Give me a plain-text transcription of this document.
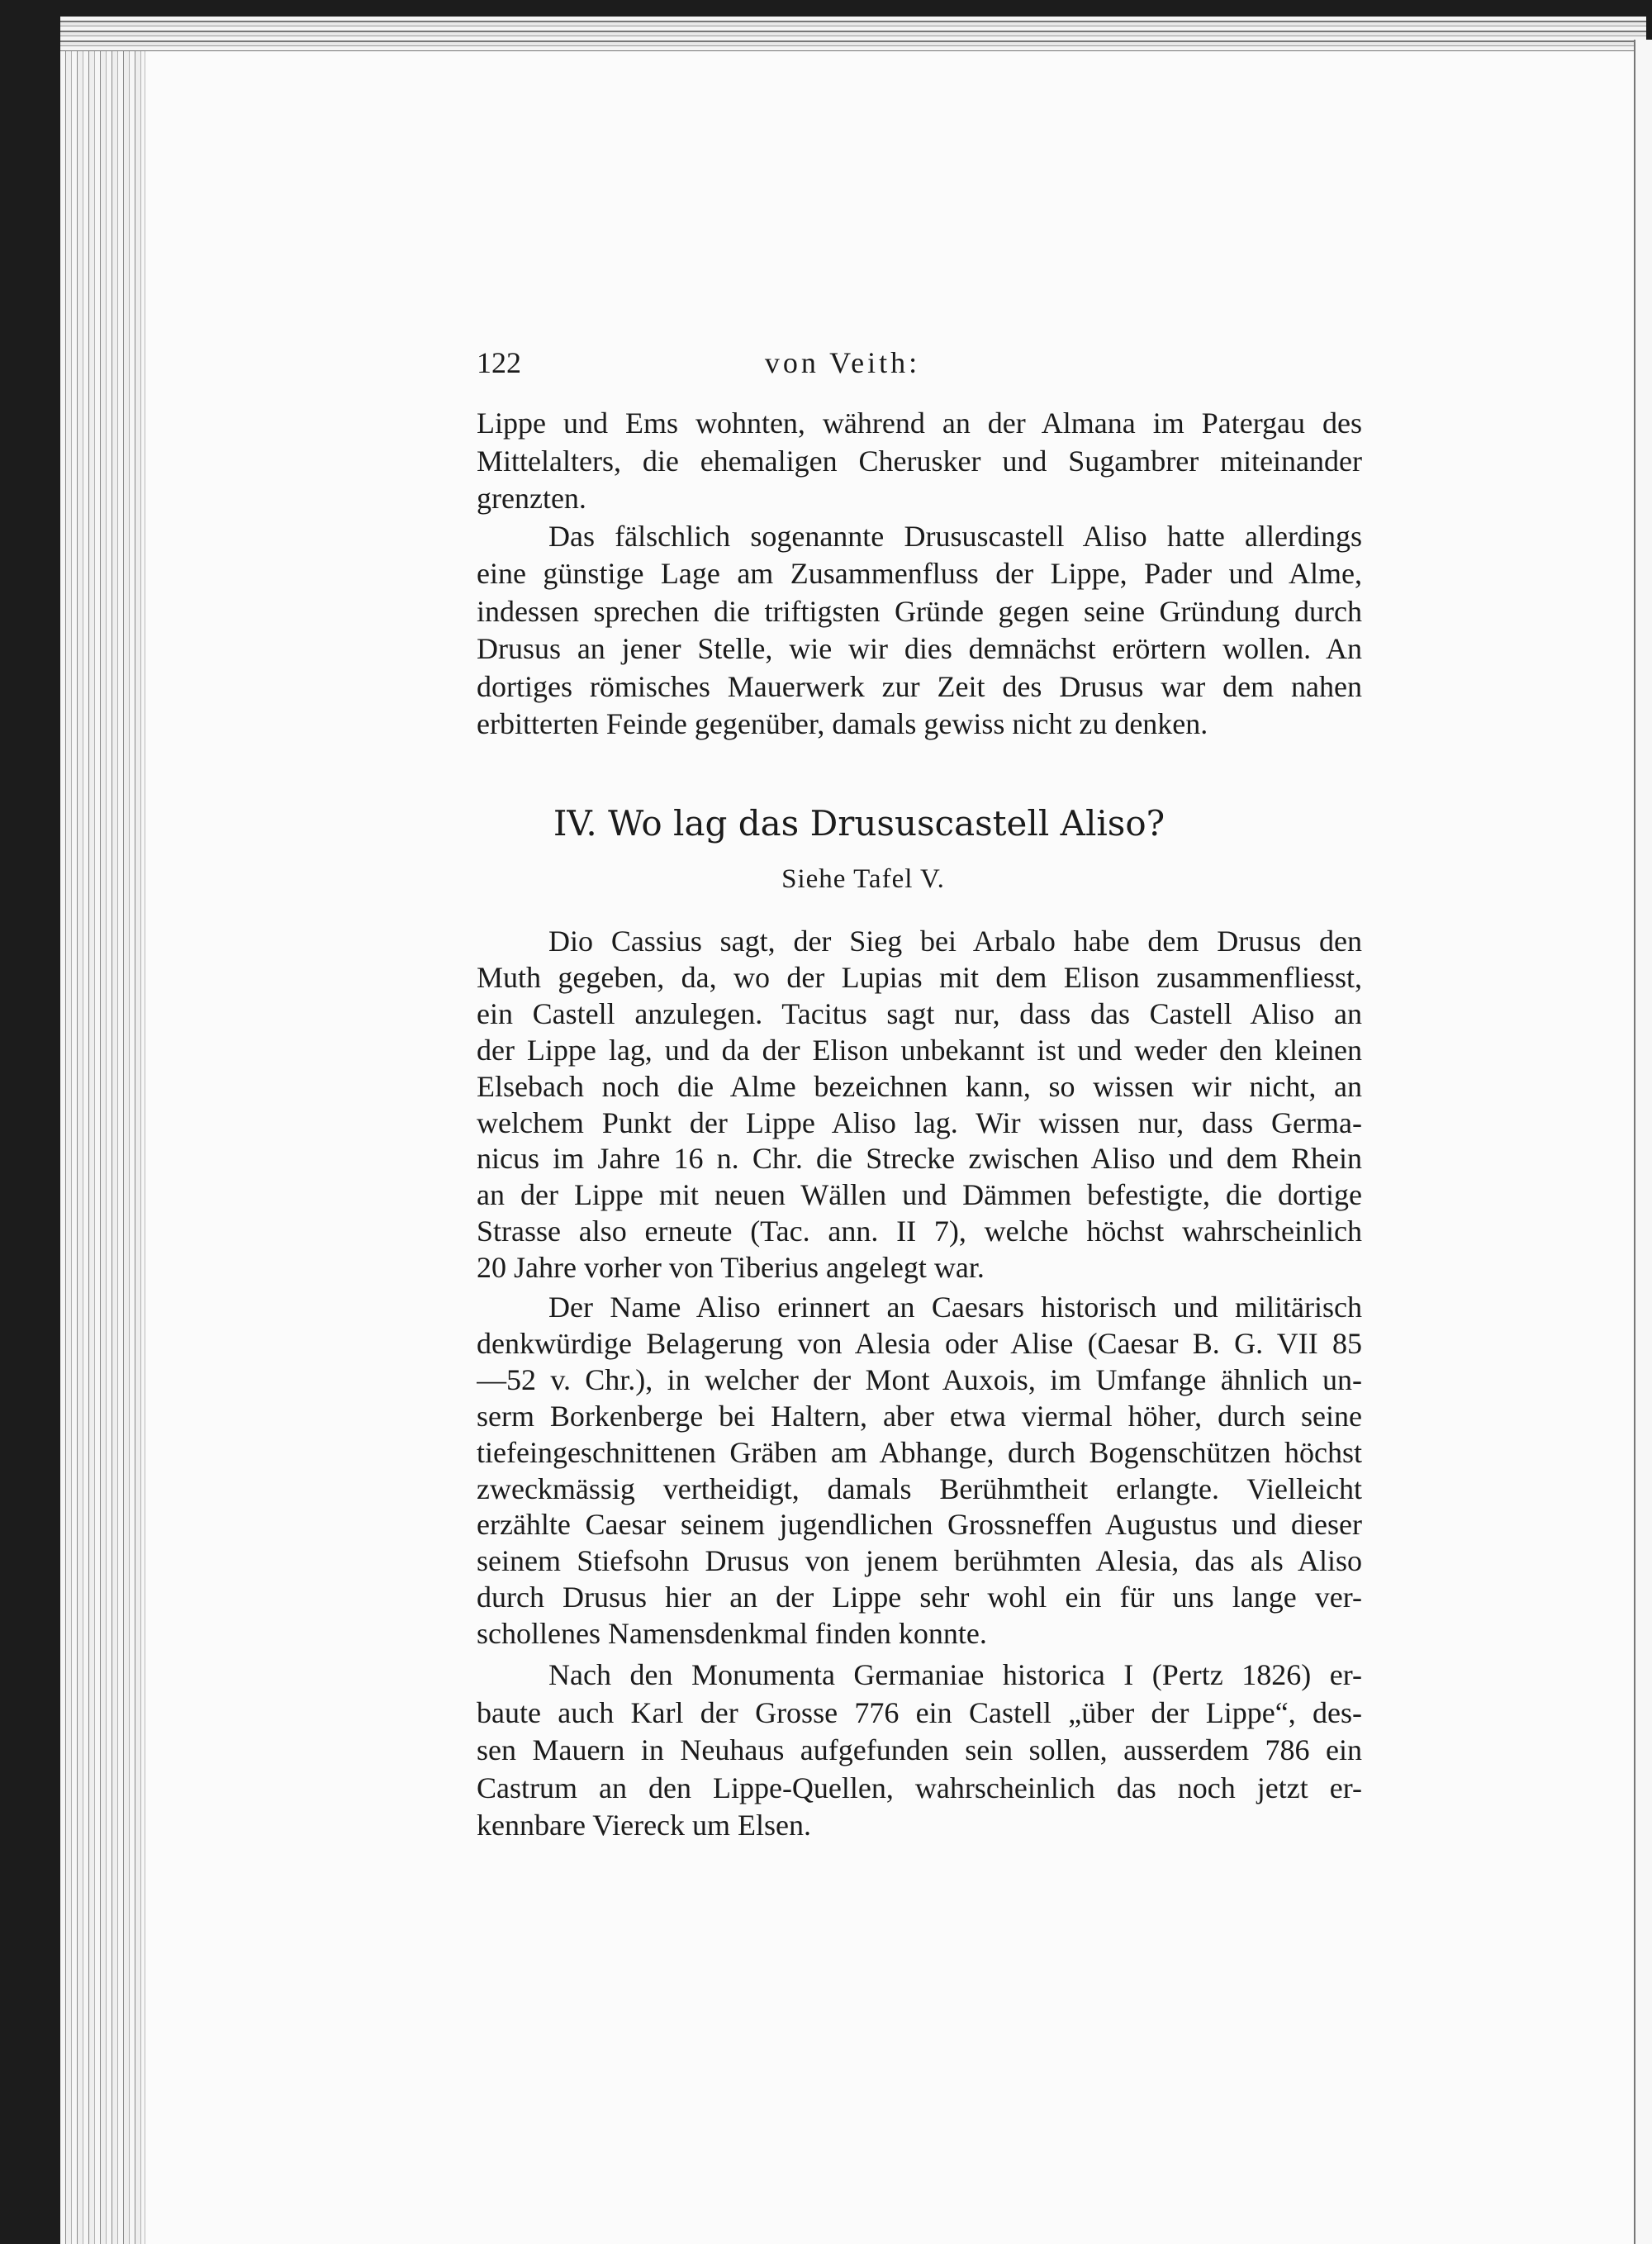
122	von Veith:
Lippe und Ems wohnten, während an der Almana im Patergau des
Mittelalters, die ehemaligen Cherusker und Sugambrer miteinander
grenzten.
Das fälschlich sogenannte Drususcastell Aliso hatte allerdings
eine günstige Lage am Zusammenfluss der Lippe, Pader und Alme,
indessen sprechen die triftigsten Gründe gegen seine Gründung durch
Drusus an jener Stelle, wie wir dies demnächst erörtern wollen. An
dortiges römisches Mauerwerk zur Zeit des Drusus war dem nahen
erbitterten Feinde gegenüber, damals gewiss nicht zu denken.
IV. Wo lag das Drususcastell Aliso?
Siehe Tafel V.
Dio Cassius sagt, der Sieg bei Arbalo habe dem Drusus den
Muth gegeben, da, wo der Lupias mit dem Elison zusammenfliesst,
ein Castell anzulegen. Tacitus sagt nur, dass das Castell Aliso an
der Lippe lag, und da der Elison unbekannt ist und weder den kleinen
Elsebach noch die Alme bezeichnen kann, so wissen wir nicht, an
welchem Punkt der Lippe Aliso lag. Wir wissen nur, dass Germa-
nicus im Jahre 16 n. Chr. die Strecke zwischen Aliso und dem Rhein
an der Lippe mit neuen Wällen und Dämmen befestigte, die dortige
Strasse also erneute (Tac. ann. II 7), welche höchst wahrscheinlich
20 Jahre vorher von Tiberius angelegt war.
Der Name Aliso erinnert an Caesars historisch und militärisch
denkwürdige Belagerung von Alesia oder Alise (Caesar B. G. VII 85
—52 v. Chr.), in welcher der Mont Auxois, im Umfange ähnlich un-
serm Borkenberge bei Haltern, aber etwa viermal höher, durch seine
tiefeingeschnittenen Gräben am Abhange, durch Bogenschützen höchst
zweckmässig vertheidigt, damals Berühmtheit erlangte. Vielleicht
erzählte Caesar seinem jugendlichen Grossneffen Augustus und dieser
seinem Stiefsohn Drusus von jenem berühmten Alesia, das als Aliso
durch Drusus hier an der Lippe sehr wohl ein für uns lange ver-
schollenes Namensdenkmal finden konnte.
Nach den Monumenta Germaniae historica I (Pertz 1826) er-
baute auch Karl der Grosse 776 ein Castell „über der Lippe“, des-
sen Mauern in Neuhaus aufgefunden sein sollen, ausserdem 786 ein
Castrum an den Lippe-Quellen, wahrscheinlich das noch jetzt er-
kennbare Viereck um Elsen.
